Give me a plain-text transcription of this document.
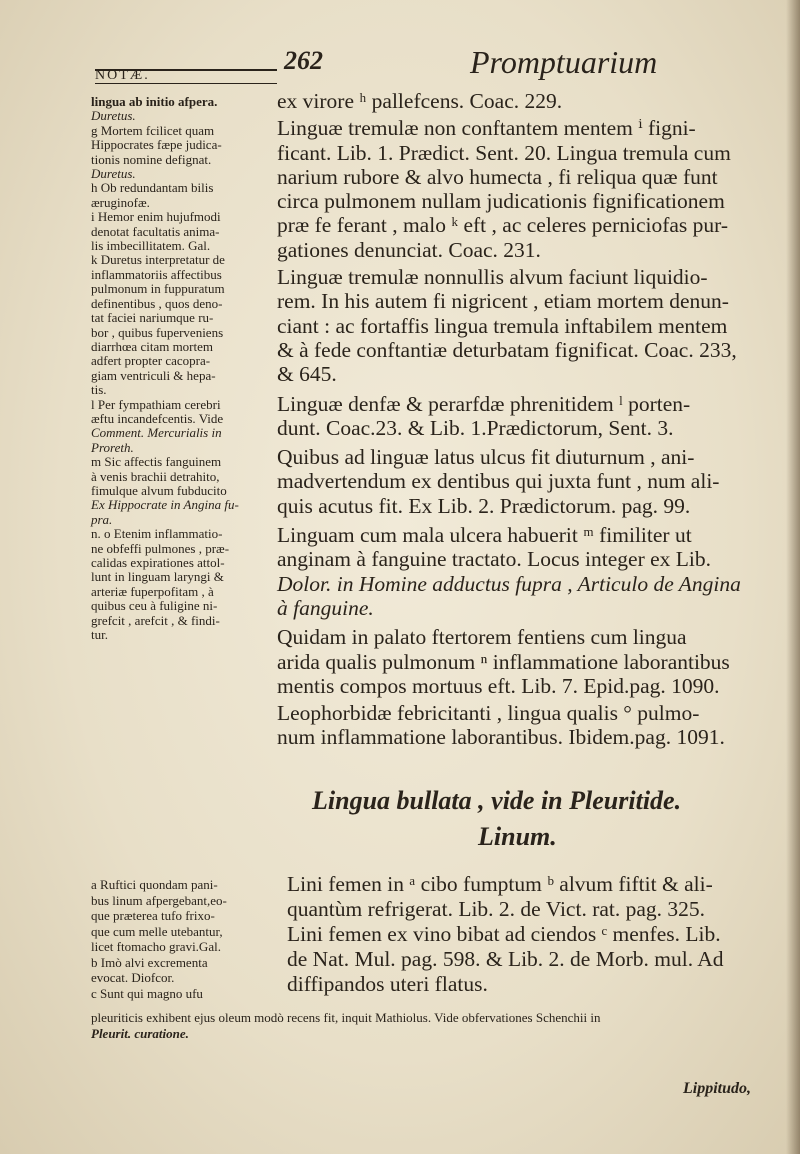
NOTÆ.
262	Promptuarium
lingua ab initio afpera.
Duretus.
g Mortem fcilicet quam
Hippocrates fæpe judica-
tionis nomine defignat.
Duretus.
h Ob redundantam bilis
æruginofæ.
i Hemor enim hujufmodi
denotat facultatis anima-
lis imbecillitatem. Gal.
k Duretus interpretatur de
inflammatoriis affectibus
pulmonum in fuppuratum
definentibus , quos deno-
tat faciei nariumque ru-
bor , quibus fupervenіens
diarrhœa citam mortem
adfert propter cacopra-
giam ventriculi & hepa-
tis.
l Per fympathiam cerebri
æftu incandefcentis. Vide
Comment. Mercurialis in
Proreth.
m Sic affectis fanguinem
à venis brachii detrahito,
fimulque alvum fubducito
Ex Hippocrate in Angina fu-
pra.
n. o Etenim inflammatio-
ne obfeffi pulmones , præ-
calidas expirationes attol-
lunt in linguam laryngi &
arteriæ fuperpofitam , à
quibus ceu à fuligine ni-
grefcit , arefcit , & findi-
tur.
ex virore ʰ pallefcens. Coac. 229.
Linguæ tremulæ non conftantem mentem ⁱ figni-
ficant. Lib. 1. Prædict. Sent. 20. Lingua tremula cum
narium rubore & alvo humecta , fi reliqua quæ funt
circa pulmonem nullam judicationis fignificationem
præ fe ferant , malo ᵏ eft , ac celeres perniciofas pur-
gationes denunciat. Coac. 231.
Linguæ tremulæ nonnullis alvum faciunt liquidio-
rem. In his autem fi nigricent , etiam mortem denun-
ciant : ac fortaffis lingua tremula inftabilem mentem
& à fede conftantiæ deturbatam fignificat. Coac. 233,
& 645.
Linguæ denfæ & perarfdæ phrenitidem ˡ porten-
dunt. Coac.23. & Lib. 1.Prædictorum, Sent. 3.
Quibus ad linguæ latus ulcus fit diuturnum , ani-
madvertendum ex dentibus qui juxta funt , num ali-
quis acutus fit. Ex Lib. 2. Prædictorum. pag. 99.
Linguam cum mala ulcera habuerit ᵐ fimiliter ut
anginam à fanguine tractato. Locus integer ex Lib.
Dolor. in Homine adductus fupra , Articulo de Angina
à fanguine.
Quidam in palato ftertorem fentiens cum lingua
arida qualis pulmonum ⁿ inflammatione laborantibus
mentis compos mortuus eft. Lib. 7. Epid.pag. 1090.
Leophorbidæ febricitanti , lingua qualis ° pulmo-
num inflammatione laborantibus. Ibidem.pag. 1091.
Lingua bullata , vide in Pleuritide.
Linum.
a Ruftici quondam pani-
bus linum afpergebant,eo-
que præterea tufo frixo-
que cum melle utebantur,
licet ftomacho gravi.Gal.
b Imò alvi excrementa
evocat. Diofcor.
c Sunt qui magno ufu
Lini femen in ᵃ cibo fumptum ᵇ alvum fiftit & ali-
quantùm refrigerat. Lib. 2. de Vict. rat. pag. 325.
Lini femen ex vino bibat ad ciendos ᶜ menfes. Lib.
de Nat. Mul. pag. 598. & Lib. 2. de Morb. mul. Ad
diffipandos uteri flatus.
pleuriticis exhibent ejus oleum modò recens fit, inquit Mathiolus. Vide obfervationes Schenchii in
Pleurit. curatione.
Lippitudo,
